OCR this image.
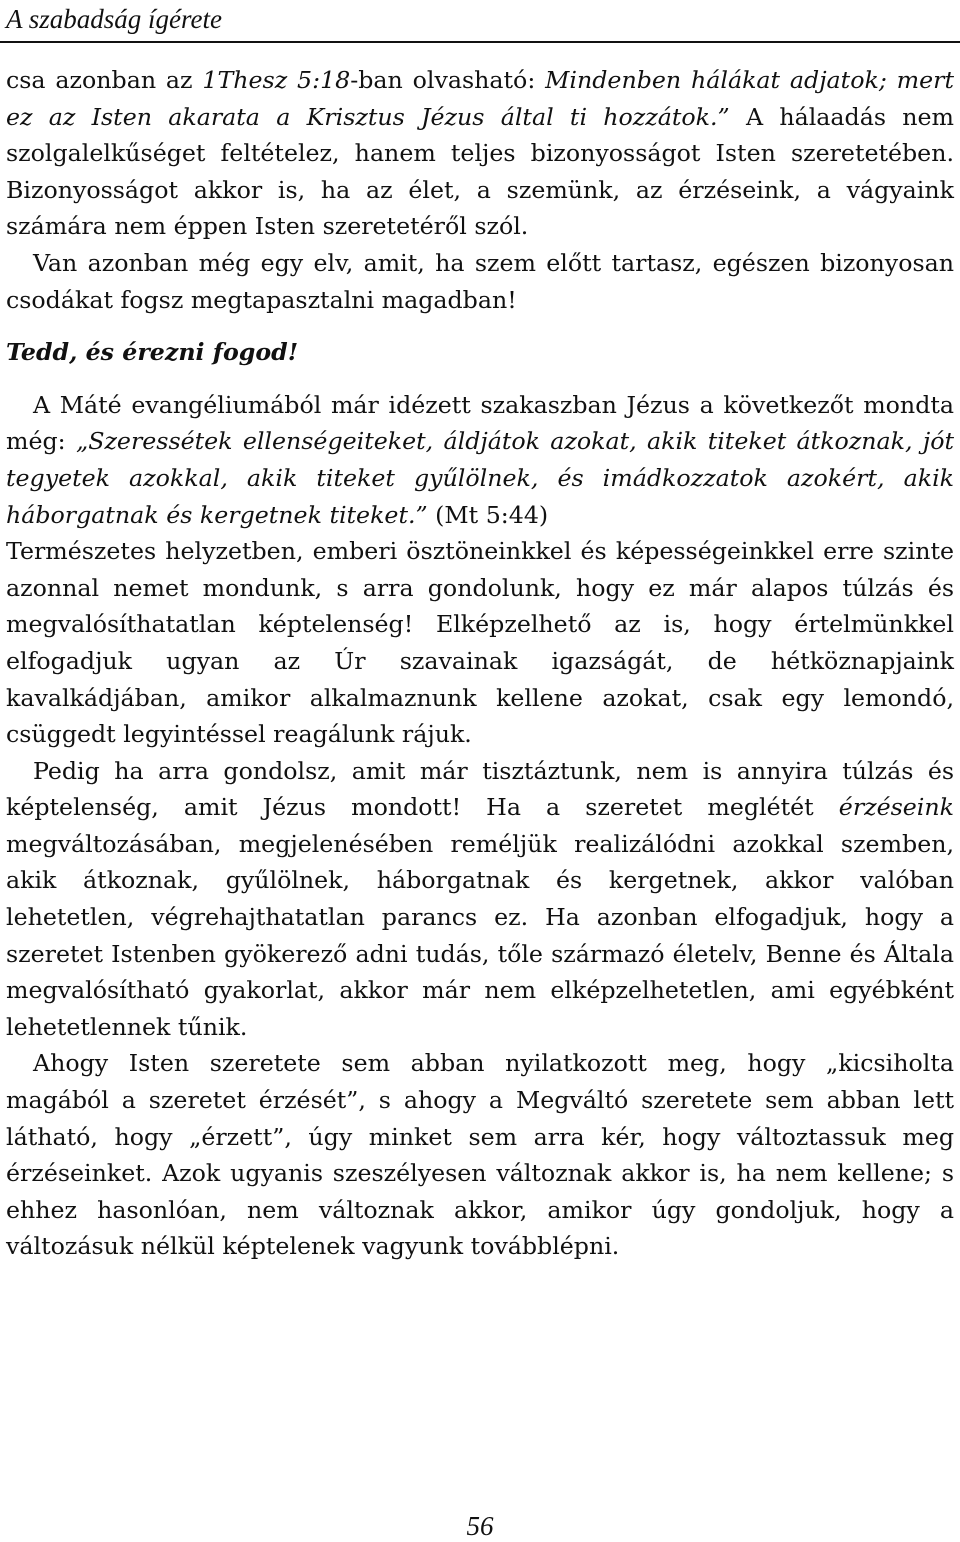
A szabadság ígérete

csa azonban az 1Thesz 5:18-ban olvasható: Mindenben hálákat adjatok; mert ez az Isten akarata a Krisztus Jézus által ti hozzátok.” A hálaadás nem szolgalelkűséget feltételez, hanem teljes bizonyosságot Isten szeretetében. Bizonyosságot akkor is, ha az élet, a szemünk, az érzéseink, a vágyaink számára nem éppen Isten szeretetéről szól.

Van azonban még egy elv, amit, ha szem előtt tartasz, egészen bizonyosan csodákat fogsz megtapasztalni magadban!

Tedd, és érezni fogod!

A Máté evangéliumából már idézett szakaszban Jézus a következőt mondta még: „Szeressétek ellenségeiteket, áldjátok azokat, akik titeket átkoznak, jót tegyetek azokkal, akik titeket gyűlölnek, és imádkozzatok azokért, akik háborgatnak és kergetnek titeket.” (Mt 5:44)

Természetes helyzetben, emberi ösztöneinkkel és képességeinkkel erre szinte azonnal nemet mondunk, s arra gondolunk, hogy ez már alapos túlzás és megvalósíthatatlan képtelenség! Elképzelhető az is, hogy értelmünkkel elfogadjuk ugyan az Úr szavainak igazságát, de hétköznapjaink kavalkádjában, amikor alkalmaznunk kellene azokat, csak egy lemondó, csüggedt legyintéssel reagálunk rájuk.

Pedig ha arra gondolsz, amit már tisztáztunk, nem is annyira túlzás és képtelenség, amit Jézus mondott! Ha a szeretet meglétét érzéseink megváltozásában, megjelenésében reméljük realizálódni azokkal szemben, akik átkoznak, gyűlölnek, háborgatnak és kergetnek, akkor valóban lehetetlen, végrehajthatatlan parancs ez. Ha azonban elfogadjuk, hogy a szeretet Istenben gyökerező adni tudás, tőle származó életelv, Benne és Általa megvalósítható gyakorlat, akkor már nem elképzelhetetlen, ami egyébként lehetetlennek tűnik.

Ahogy Isten szeretete sem abban nyilatkozott meg, hogy „kicsiholta magából a szeretet érzését”, s ahogy a Megváltó szeretete sem abban lett látható, hogy „érzett”, úgy minket sem arra kér, hogy változtassuk meg érzéseinket. Azok ugyanis szeszélyesen változnak akkor is, ha nem kellene; s ehhez hasonlóan, nem változnak akkor, amikor úgy gondoljuk, hogy a változásuk nélkül képtelenek vagyunk továbblépni.

56
